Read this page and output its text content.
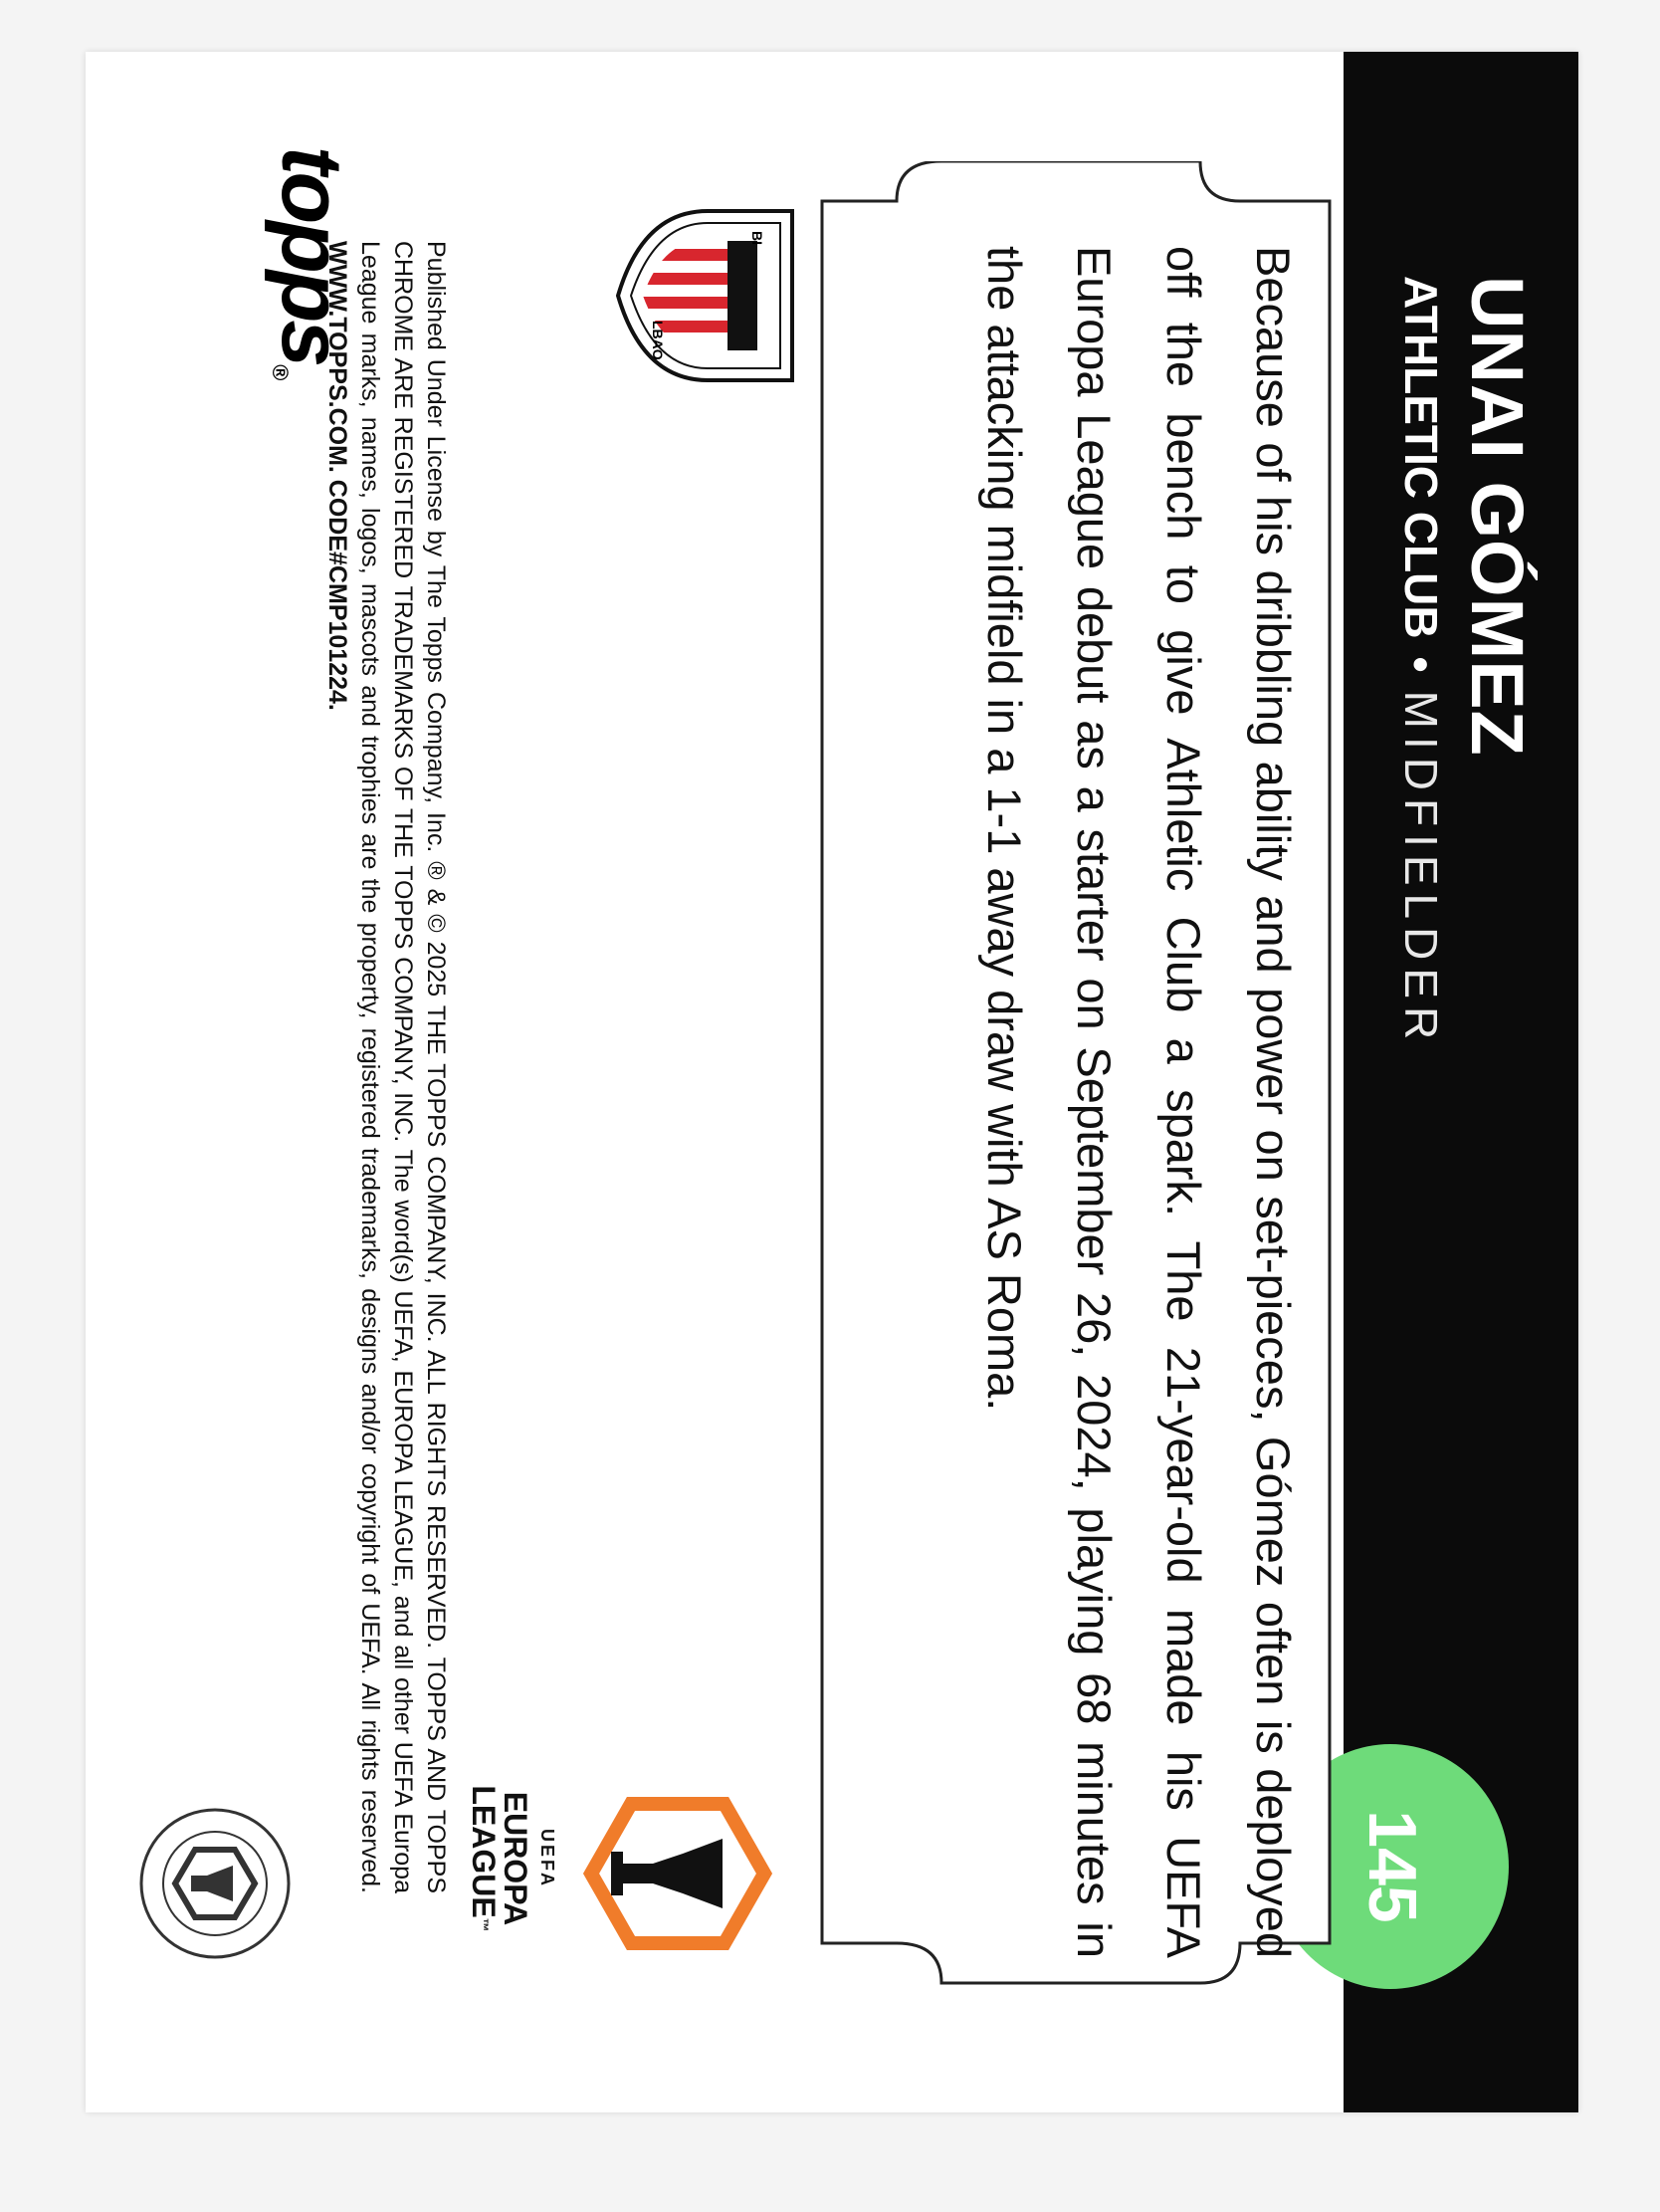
UNAI GÓMEZ
ATHLETIC CLUB•MIDFIELDER
145
Because of his dribbling ability and power on set-pieces, Gómez often is deployed off the bench to give Athletic Club a spark. The 21-year-old made his UEFA Europa League debut as a starter on September 26, 2024, playing 68 minutes in the attacking midfield in a 1-1 away draw with AS Roma.
BI
LBAO
UEFA
EUROPA
LEAGUE™
Published Under License by The Topps Company, Inc. ® & © 2025 THE TOPPS COMPANY, INC. ALL RIGHTS RESERVED. TOPPS AND TOPPS CHROME ARE REGISTERED TRADEMARKS OF THE TOPPS COMPANY, INC. The word(s) UEFA, EUROPA LEAGUE, and all other UEFA Europa League marks, names, logos, mascots and trophies are the property, registered trademarks, designs and/or copyright of UEFA. All rights reserved. WWW.TOPPS.COM. CODE#CMP101224.
topps®
